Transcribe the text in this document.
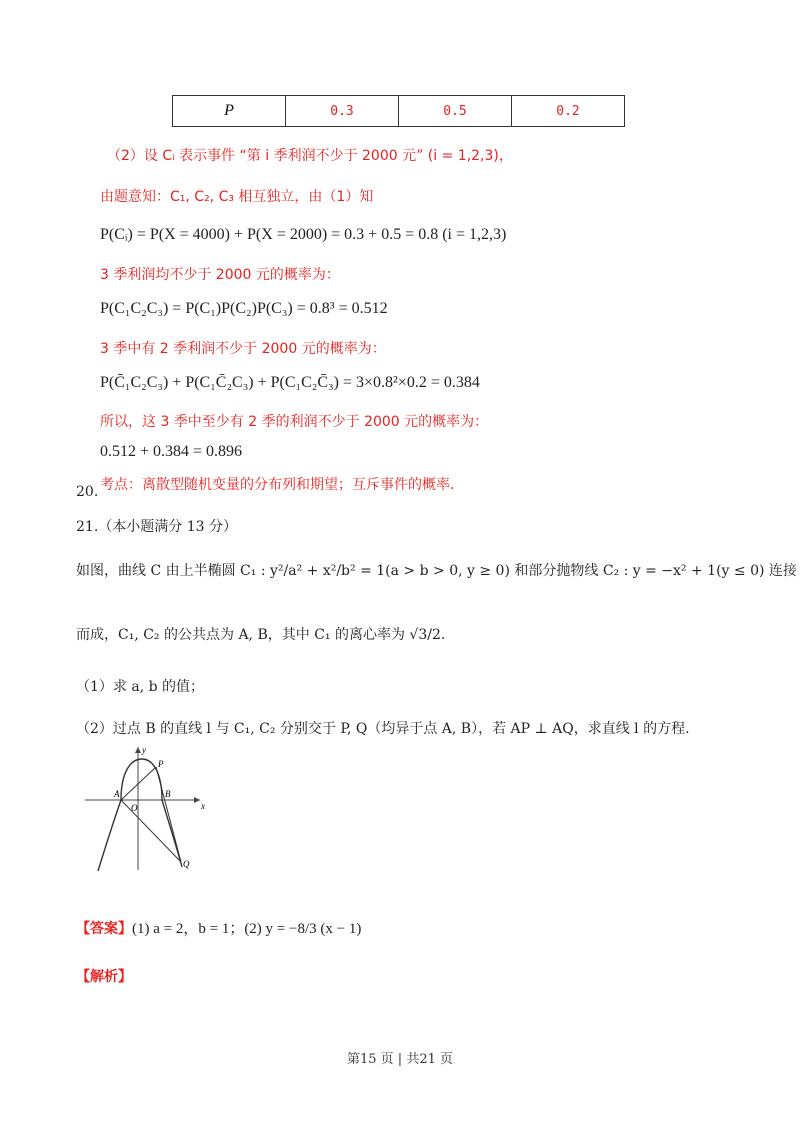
P	0.3	0.5	0.2
（2）设 Cᵢ 表示事件 “第 i 季利润不少于 2000 元” (i = 1,2,3)，
由题意知：C₁, C₂, C₃ 相互独立，由（1）知
P(Cᵢ) = P(X = 4000) + P(X = 2000) = 0.3 + 0.5 = 0.8 (i = 1,2,3)
3 季利润均不少于 2000 元的概率为：
P(C₁C₂C₃) = P(C₁)P(C₂)P(C₃) = 0.8³ = 0.512
3 季中有 2 季利润不少于 2000 元的概率为：
P(C̄₁C₂C₃) + P(C₁C̄₂C₃) + P(C₁C₂C̄₃) = 3×0.8²×0.2 = 0.384
所以，这 3 季中至少有 2 季的利润不少于 2000 元的概率为：
0.512 + 0.384 = 0.896
20. 考点：离散型随机变量的分布列和期望；互斥事件的概率.
21.（本小题满分 13 分）
如图，曲线 C 由上半椭圆 C₁ : y²/a² + x²/b² = 1(a > b > 0, y ≥ 0) 和部分抛物线 C₂ : y = −x² + 1(y ≤ 0) 连接
而成，C₁, C₂ 的公共点为 A, B，其中 C₁ 的离心率为 √3/2.
（1）求 a, b 的值；
（2）过点 B 的直线 l 与 C₁, C₂ 分别交于 P, Q（均异于点 A, B），若 AP ⊥ AQ，求直线 l 的方程.
y
x
A
O
B
P
Q
【答案】(1) a = 2，b = 1；(2) y = −8/3 (x − 1)
【解析】
第15 页 | 共21 页
